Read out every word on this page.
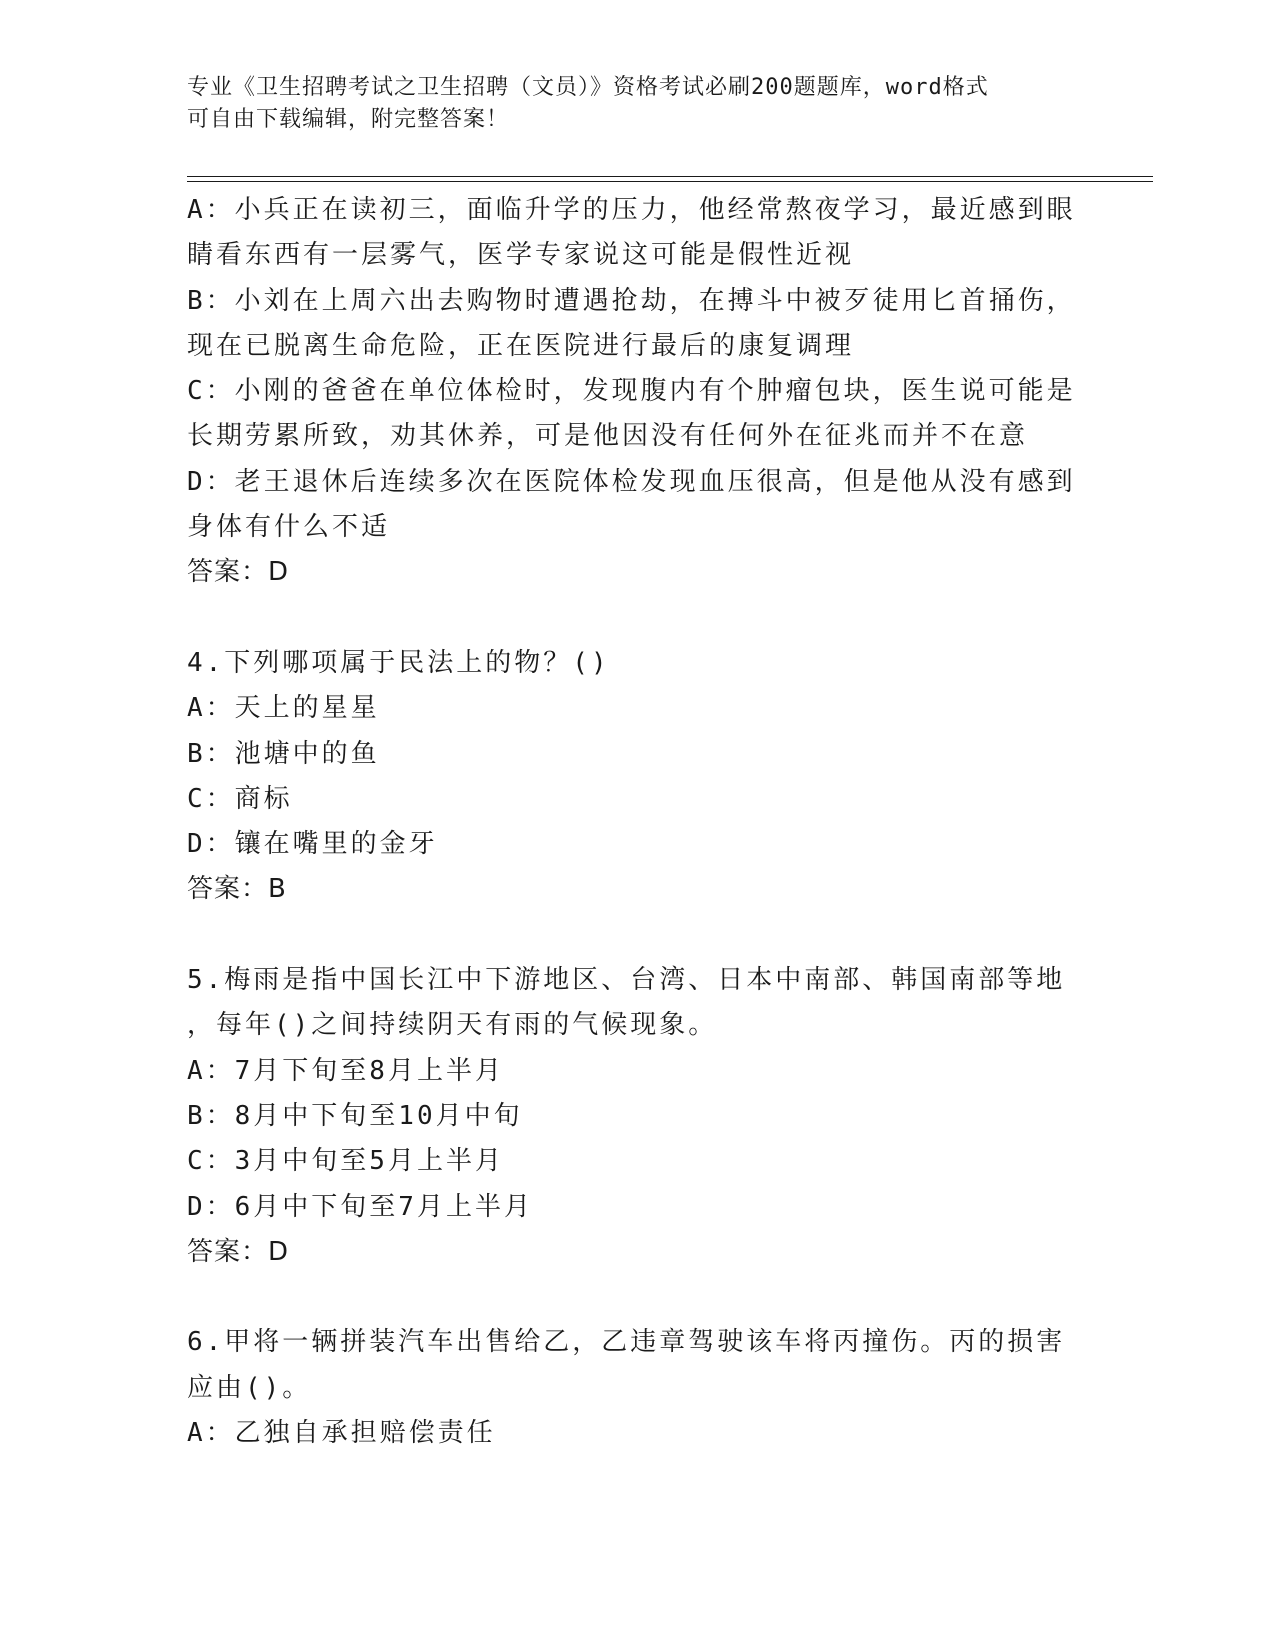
专业《卫生招聘考试之卫生招聘（文员）》资格考试必刷200题题库，word格式
可自由下载编辑，附完整答案！
A：小兵正在读初三，面临升学的压力，他经常熬夜学习，最近感到眼
睛看东西有一层雾气，医学专家说这可能是假性近视
B：小刘在上周六出去购物时遭遇抢劫，在搏斗中被歹徒用匕首捅伤，
现在已脱离生命危险，正在医院进行最后的康复调理
C：小刚的爸爸在单位体检时，发现腹内有个肿瘤包块，医生说可能是
长期劳累所致，劝其休养，可是他因没有任何外在征兆而并不在意
D：老王退休后连续多次在医院体检发现血压很高，但是他从没有感到
身体有什么不适
答案：D
4.下列哪项属于民法上的物？()
A：天上的星星
B：池塘中的鱼
C：商标
D：镶在嘴里的金牙
答案：B
5.梅雨是指中国长江中下游地区、台湾、日本中南部、韩国南部等地
，每年()之间持续阴天有雨的气候现象。
A：7月下旬至8月上半月
B：8月中下旬至10月中旬
C：3月中旬至5月上半月
D：6月中下旬至7月上半月
答案：D
6.甲将一辆拼装汽车出售给乙，乙违章驾驶该车将丙撞伤。丙的损害
应由()。
A：乙独自承担赔偿责任
